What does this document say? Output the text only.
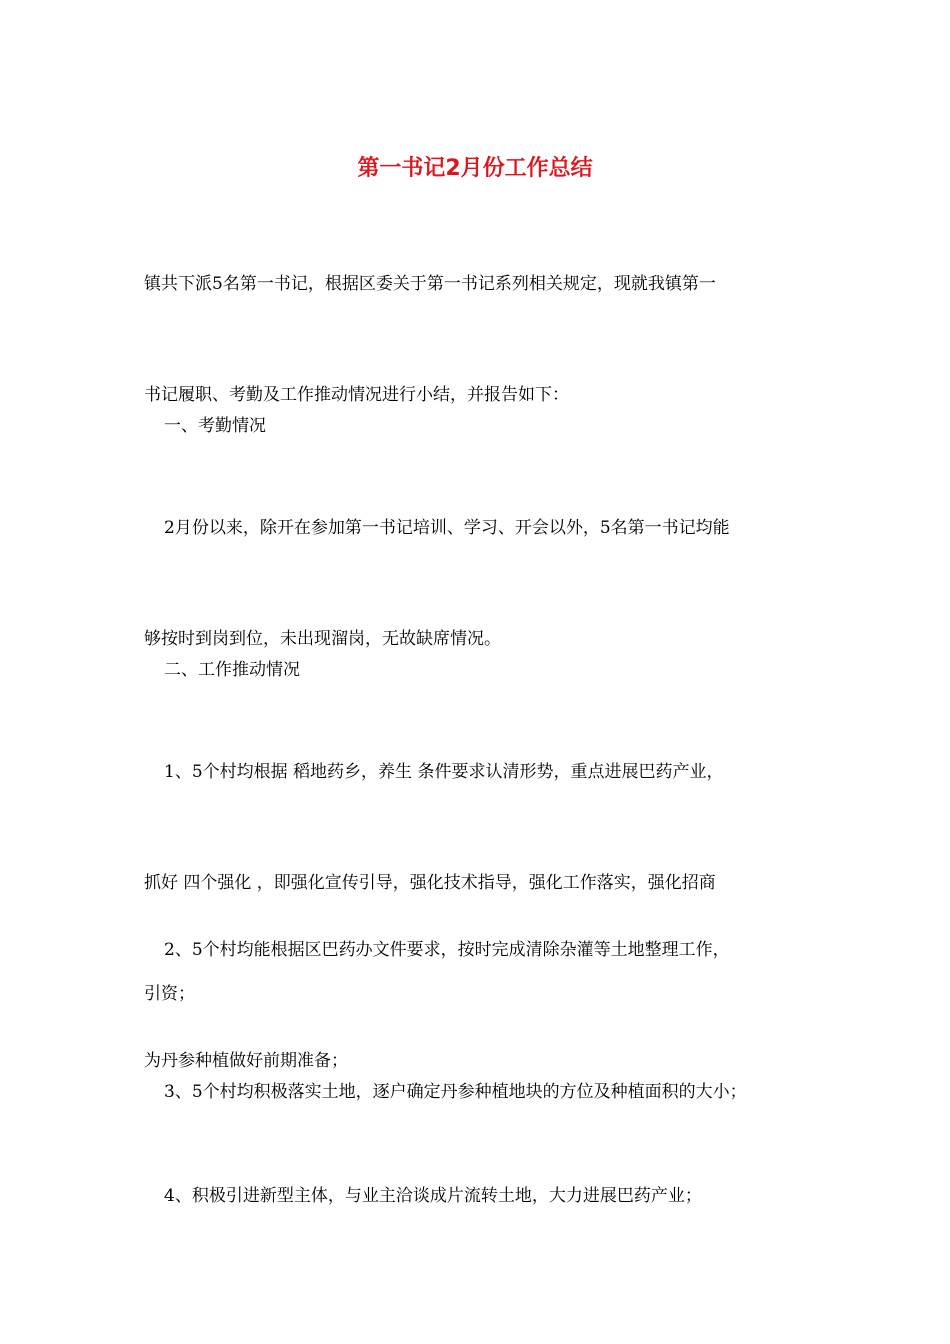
第一书记2月份工作总结

镇共下派5名第一书记，根据区委关于第一书记系列相关规定，现就我镇第一

书记履职、考勤及工作推动情况进行小结，并报告如下：

一、考勤情况

2月份以来，除开在参加第一书记培训、学习、开会以外，5名第一书记均能

够按时到岗到位，未出现溜岗，无故缺席情况。

二、工作推动情况

1、5个村均根据 稻地药乡，养生 条件要求认清形势，重点进展巴药产业，

抓好 四个强化 ，即强化宣传引导，强化技术指导，强化工作落实，强化招商

引资；

2、5个村均能根据区巴药办文件要求，按时完成清除杂灌等土地整理工作，

为丹参种植做好前期准备；

3、5个村均积极落实土地，逐户确定丹参种植地块的方位及种植面积的大小；

4、积极引进新型主体，与业主洽谈成片流转土地，大力进展巴药产业；
